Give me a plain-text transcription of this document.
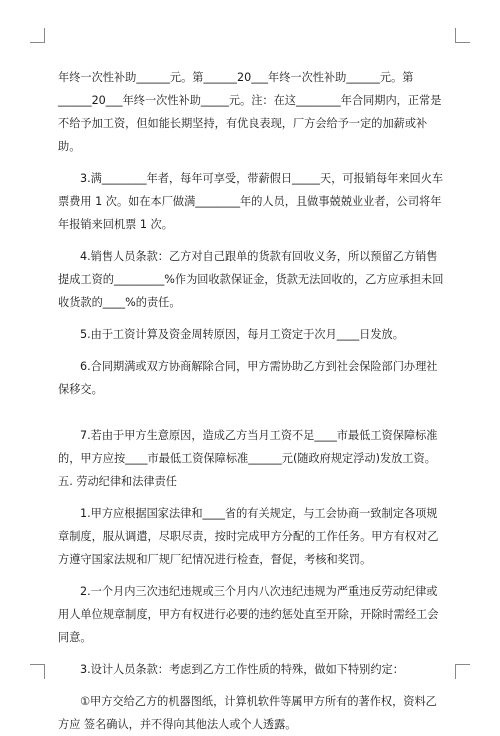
年终一次性补助______元。第______20___年终一次性补助______元。第______20___年终一次性补助_____元。注：在这________年合同期内，正常是不给予加工资，但如能长期坚持，有优良表现，厂方会给予一定的加薪或补助。

3.满________年者，每年可享受，带薪假日_____天，可报销每年来回火车票费用 1 次。如在本厂做满________年的人员，且做事兢兢业业者，公司将年年报销来回机票 1 次。

4.销售人员条款：乙方对自己跟单的货款有回收义务，所以预留乙方销售提成工资的_________%作为回收款保证金，货款无法回收的，乙方应承担未回收货款的____%的责任。

5.由于工资计算及资金周转原因，每月工资定于次月____日发放。

6.合同期满或双方协商解除合同，甲方需协助乙方到社会保险部门办理社保移交。

7.若由于甲方生意原因，造成乙方当月工资不足____市最低工资保障标准的，甲方应按____市最低工资保障标准______元(随政府规定浮动)发放工资。　　五. 劳动纪律和法律责任

1.甲方应根据国家法律和____省的有关规定，与工会协商一致制定各项规章制度，服从调遣，尽职尽责，按时完成甲方分配的工作任务。甲方有权对乙方遵守国家法规和厂规厂纪情况进行检查，督促，考核和奖罚。

2.一个月内三次违纪违规或三个月内八次违纪违规为严重违反劳动纪律或用人单位规章制度，甲方有权进行必要的违约惩处直至开除，开除时需经工会同意。

3.设计人员条款：考虑到乙方工作性质的特殊，做如下特别约定：

①甲方交给乙方的机器图纸，计算机软件等属甲方所有的著作权，资料乙方应 签名确认，并不得向其他法人或个人透露。
